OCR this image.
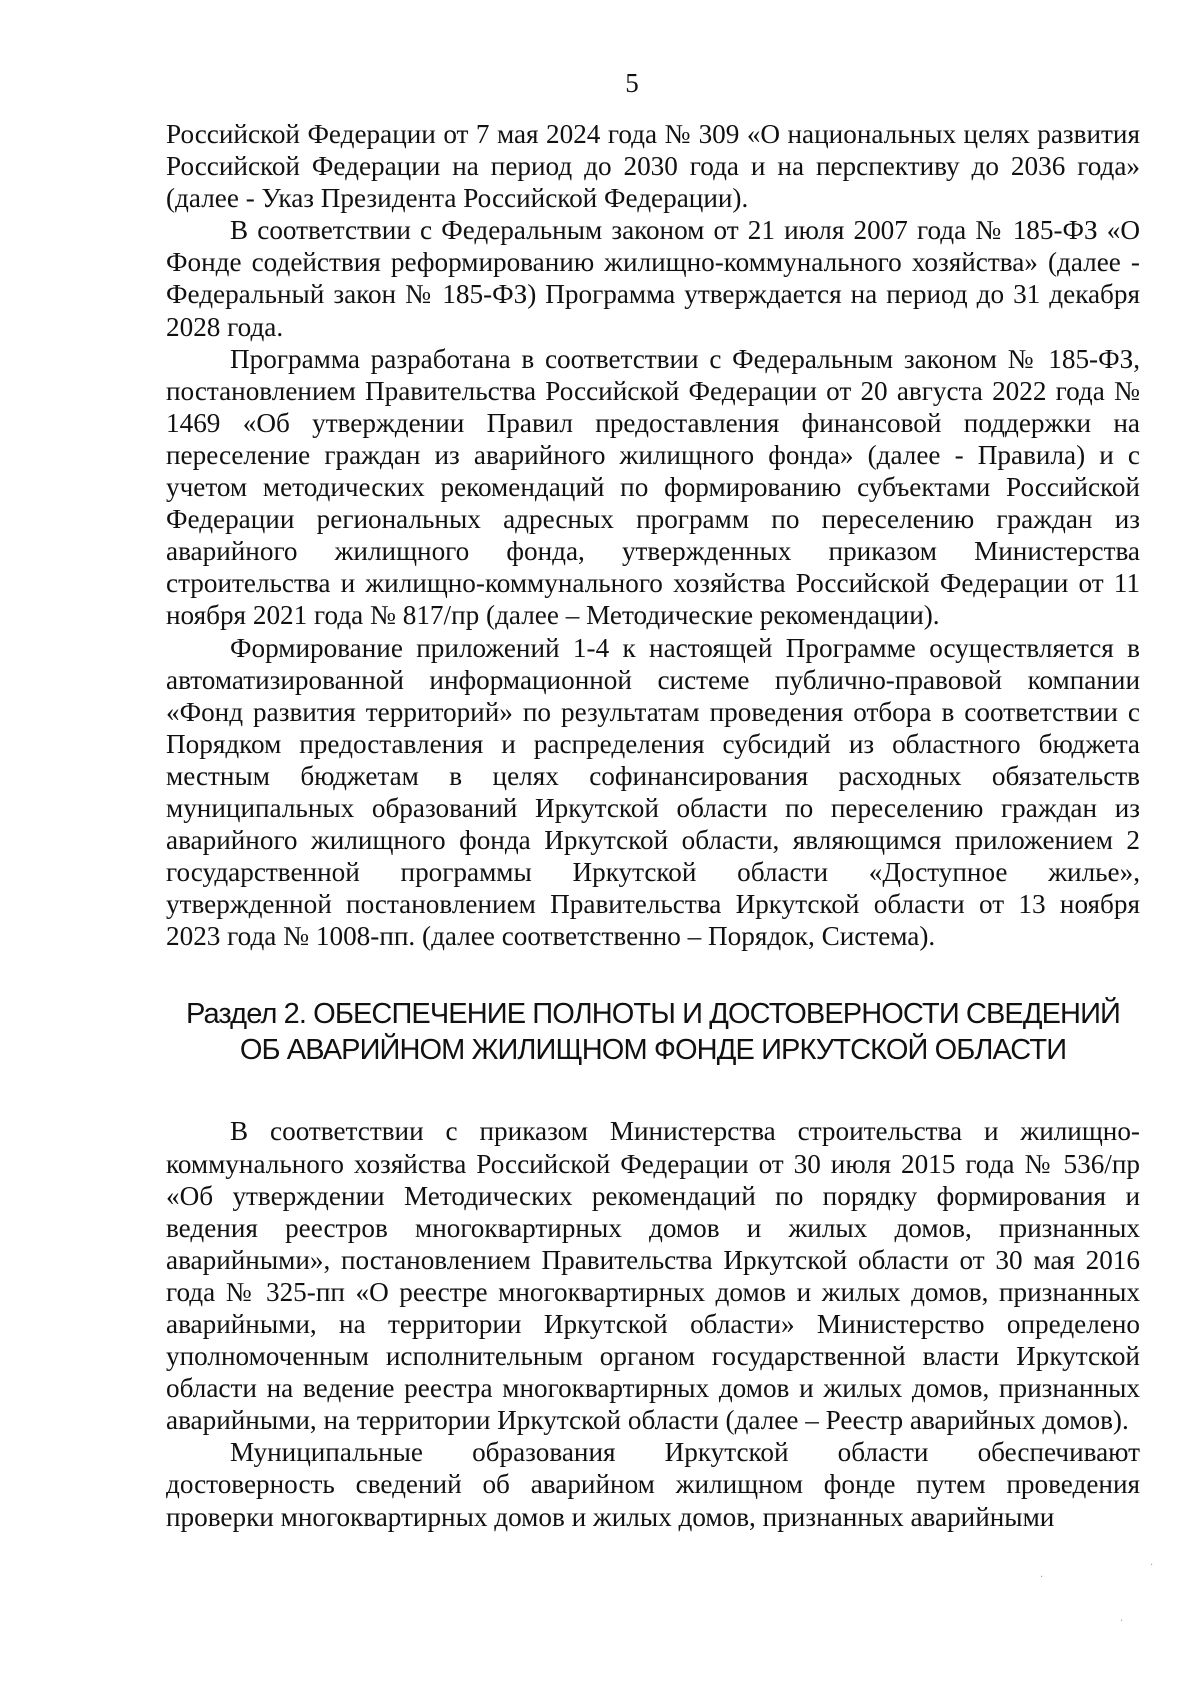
5

Российской Федерации от 7 мая 2024 года № 309 «О национальных целях развития Российской Федерации на период до 2030 года и на перспективу до 2036 года» (далее - Указ Президента Российской Федерации).

В соответствии с Федеральным законом от 21 июля 2007 года № 185-ФЗ «О Фонде содействия реформированию жилищно-коммунального хозяйства» (далее - Федеральный закон № 185-ФЗ) Программа утверждается на период до 31 декабря 2028 года.

Программа разработана в соответствии с Федеральным законом № 185-ФЗ, постановлением Правительства Российской Федерации от 20 августа 2022 года № 1469 «Об утверждении Правил предоставления финансовой поддержки на переселение граждан из аварийного жилищного фонда» (далее - Правила) и с учетом методических рекомендаций по формированию субъектами Российской Федерации региональных адресных программ по переселению граждан из аварийного жилищного фонда, утвержденных приказом Министерства строительства и жилищно-коммунального хозяйства Российской Федерации от 11 ноября 2021 года № 817/пр (далее – Методические рекомендации).

Формирование приложений 1-4 к настоящей Программе осуществляется в автоматизированной информационной системе публично-правовой компании «Фонд развития территорий» по результатам проведения отбора в соответствии с Порядком предоставления и распределения субсидий из областного бюджета местным бюджетам в целях софинансирования расходных обязательств муниципальных образований Иркутской области по переселению граждан из аварийного жилищного фонда Иркутской области, являющимся приложением 2 государственной программы Иркутской области «Доступное жилье», утвержденной постановлением Правительства Иркутской области от 13 ноября 2023 года № 1008-пп. (далее соответственно – Порядок, Система).

Раздел 2. ОБЕСПЕЧЕНИЕ ПОЛНОТЫ И ДОСТОВЕРНОСТИ СВЕДЕНИЙ
ОБ АВАРИЙНОМ ЖИЛИЩНОМ ФОНДЕ ИРКУТСКОЙ ОБЛАСТИ

В соответствии с приказом Министерства строительства и жилищно-коммунального хозяйства Российской Федерации от 30 июля 2015 года № 536/пр «Об утверждении Методических рекомендаций по порядку формирования и ведения реестров многоквартирных домов и жилых домов, признанных аварийными», постановлением Правительства Иркутской области от 30 мая 2016 года № 325-пп «О реестре многоквартирных домов и жилых домов, признанных аварийными, на территории Иркутской области» Министерство определено уполномоченным исполнительным органом государственной власти Иркутской области на ведение реестра многоквартирных домов и жилых домов, признанных аварийными, на территории Иркутской области (далее – Реестр аварийных домов).

Муниципальные образования Иркутской области обеспечивают достоверность сведений об аварийном жилищном фонде путем проведения проверки многоквартирных домов и жилых домов, признанных аварийными

·
·
·
